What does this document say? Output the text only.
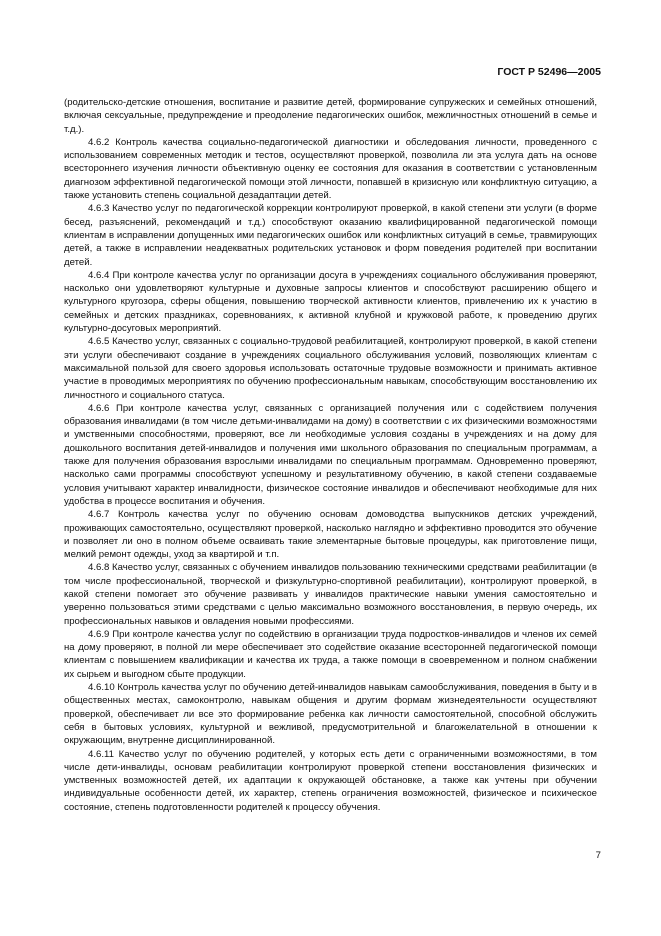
ГОСТ Р 52496—2005

(родительско-детские отношения, воспитание и развитие детей, формирование супружеских и семейных отношений, включая сексуальные, предупреждение и преодоление педагогических ошибок, межличностных отношений в семье и т.д.).

4.6.2 Контроль качества социально-педагогической диагностики и обследования личности, проведенного с использованием современных методик и тестов, осуществляют проверкой, позволила ли эта услуга дать на основе всестороннего изучения личности объективную оценку ее состояния для оказания в соответствии с установленным диагнозом эффективной педагогической помощи этой личности, попавшей в кризисную или конфликтную ситуацию, а также установить степень социальной дезадаптации детей.

4.6.3 Качество услуг по педагогической коррекции контролируют проверкой, в какой степени эти услуги (в форме бесед, разъяснений, рекомендаций и т.д.) способствуют оказанию квалифицированной педагогической помощи клиентам в исправлении допущенных ими педагогических ошибок или конфликтных ситуаций в семье, травмирующих детей, а также в исправлении неадекватных родительских установок и форм поведения родителей при воспитании детей.

4.6.4 При контроле качества услуг по организации досуга в учреждениях социального обслуживания проверяют, насколько они удовлетворяют культурные и духовные запросы клиентов и способствуют расширению общего и культурного кругозора, сферы общения, повышению творческой активности клиентов, привлечению их к участию в семейных и детских праздниках, соревнованиях, к активной клубной и кружковой работе, к проведению других культурно-досуговых мероприятий.

4.6.5 Качество услуг, связанных с социально-трудовой реабилитацией, контролируют проверкой, в какой степени эти услуги обеспечивают создание в учреждениях социального обслуживания условий, позволяющих клиентам с максимальной пользой для своего здоровья использовать остаточные трудовые возможности и принимать активное участие в проводимых мероприятиях по обучению профессиональным навыкам, способствующим восстановлению их личностного и социального статуса.

4.6.6 При контроле качества услуг, связанных с организацией получения или с содействием получения образования инвалидами (в том числе детьми-инвалидами на дому) в соответствии с их физическими возможностями и умственными способностями, проверяют, все ли необходимые условия созданы в учреждениях и на дому для дошкольного воспитания детей-инвалидов и получения ими школьного образования по специальным программам, а также для получения образования взрослыми инвалидами по специальным программам. Одновременно проверяют, насколько сами программы способствуют успешному и результативному обучению, в какой степени создаваемые условия учитывают характер инвалидности, физическое состояние инвалидов и обеспечивают необходимые для них удобства в процессе воспитания и обучения.

4.6.7 Контроль качества услуг по обучению основам домоводства выпускников детских учреждений, проживающих самостоятельно, осуществляют проверкой, насколько наглядно и эффективно проводится это обучение и позволяет ли оно в полном объеме осваивать такие элементарные бытовые процедуры, как приготовление пищи, мелкий ремонт одежды, уход за квартирой и т.п.

4.6.8 Качество услуг, связанных с обучением инвалидов пользованию техническими средствами реабилитации (в том числе профессиональной, творческой и физкультурно-спортивной реабилитации), контролируют проверкой, в какой степени помогает это обучение развивать у инвалидов практические навыки умения самостоятельно и уверенно пользоваться этими средствами с целью максимально возможного восстановления, в первую очередь, их профессиональных навыков и овладения новыми профессиями.

4.6.9 При контроле качества услуг по содействию в организации труда подростков-инвалидов и членов их семей на дому проверяют, в полной ли мере обеспечивает это содействие оказание всесторонней педагогической помощи клиентам с повышением квалификации и качества их труда, а также помощи в своевременном и полном снабжении их сырьем и выгодном сбыте продукции.

4.6.10 Контроль качества услуг по обучению детей-инвалидов навыкам самообслуживания, поведения в быту и в общественных местах, самоконтролю, навыкам общения и другим формам жизнедеятельности осуществляют проверкой, обеспечивает ли все это формирование ребенка как личности самостоятельной, способной обслужить себя в бытовых условиях, культурной и вежливой, предусмотрительной и благожелательной в отношении к окружающим, внутренне дисциплинированной.

4.6.11 Качество услуг по обучению родителей, у которых есть дети с ограниченными возможностями, в том числе дети-инвалиды, основам реабилитации контролируют проверкой степени восстановления физических и умственных возможностей детей, их адаптации к окружающей обстановке, а также как учтены при обучении индивидуальные особенности детей, их характер, степень ограничения возможностей, физическое и психическое состояние, степень подготовленности родителей к процессу обучения.

7
